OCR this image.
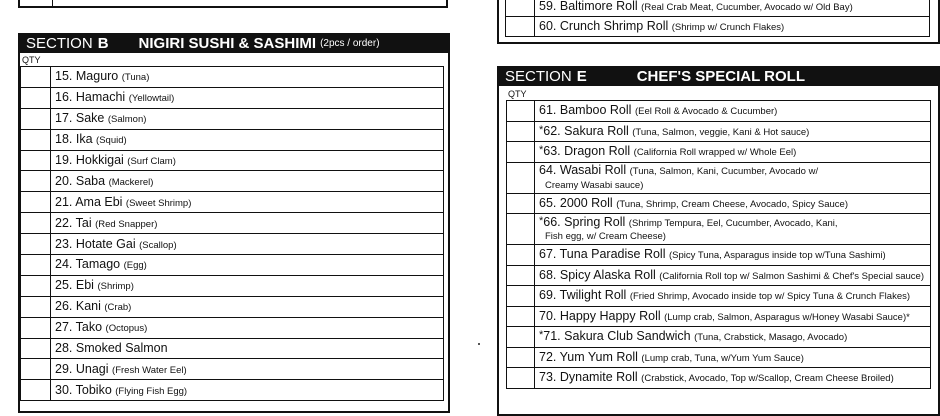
	59. Baltimore Roll (Real Crab Meat, Cucumber, Avocado w/ Old Bay)
	60. Crunch Shrimp Roll (Shrimp w/ Crunch Flakes)
SECTION B NIGIRI SUSHI & SASHIMI (2pcs / order)
QTY
	15. Maguro (Tuna)
	16. Hamachi (Yellowtail)
	17. Sake (Salmon)
	18. Ika (Squid)
	19. Hokkigai (Surf Clam)
	20. Saba (Mackerel)
	21. Ama Ebi (Sweet Shrimp)
	22. Tai (Red Snapper)
	23. Hotate Gai (Scallop)
	24. Tamago (Egg)
	25. Ebi (Shrimp)
	26. Kani (Crab)
	27. Tako (Octopus)
	28. Smoked Salmon
	29. Unagi (Fresh Water Eel)
	30. Tobiko (Flying Fish Egg)
SECTION E	CHEF'S SPECIAL ROLL
QTY
	61. Bamboo Roll (Eel Roll & Avocado & Cucumber)
	*62. Sakura Roll (Tuna, Salmon, veggie, Kani & Hot sauce)
	*63. Dragon Roll (California Roll wrapped w/ Whole Eel)
	64. Wasabi Roll (Tuna, Salmon, Kani, Cucumber, Avocado w/
Creamy Wasabi sauce)
	65. 2000 Roll (Tuna, Shrimp, Cream Cheese, Avocado, Spicy Sauce)
	*66. Spring Roll (Shrimp Tempura, Eel, Cucumber, Avocado, Kani,
Fish egg, w/ Cream Cheese)
	67. Tuna Paradise Roll (Spicy Tuna, Asparagus inside top w/Tuna Sashimi)
	68. Spicy Alaska Roll (California Roll top w/ Salmon Sashimi & Chef's Special sauce)
	69. Twilight Roll (Fried Shrimp, Avocado inside top w/ Spicy Tuna & Crunch Flakes)
	70. Happy Happy Roll (Lump crab, Salmon, Asparagus w/Honey Wasabi Sauce)*
	*71. Sakura Club Sandwich (Tuna, Crabstick, Masago, Avocado)
	72. Yum Yum Roll (Lump crab, Tuna, w/Yum Yum Sauce)
	73. Dynamite Roll (Crabstick, Avocado, Top w/Scallop, Cream Cheese Broiled)
